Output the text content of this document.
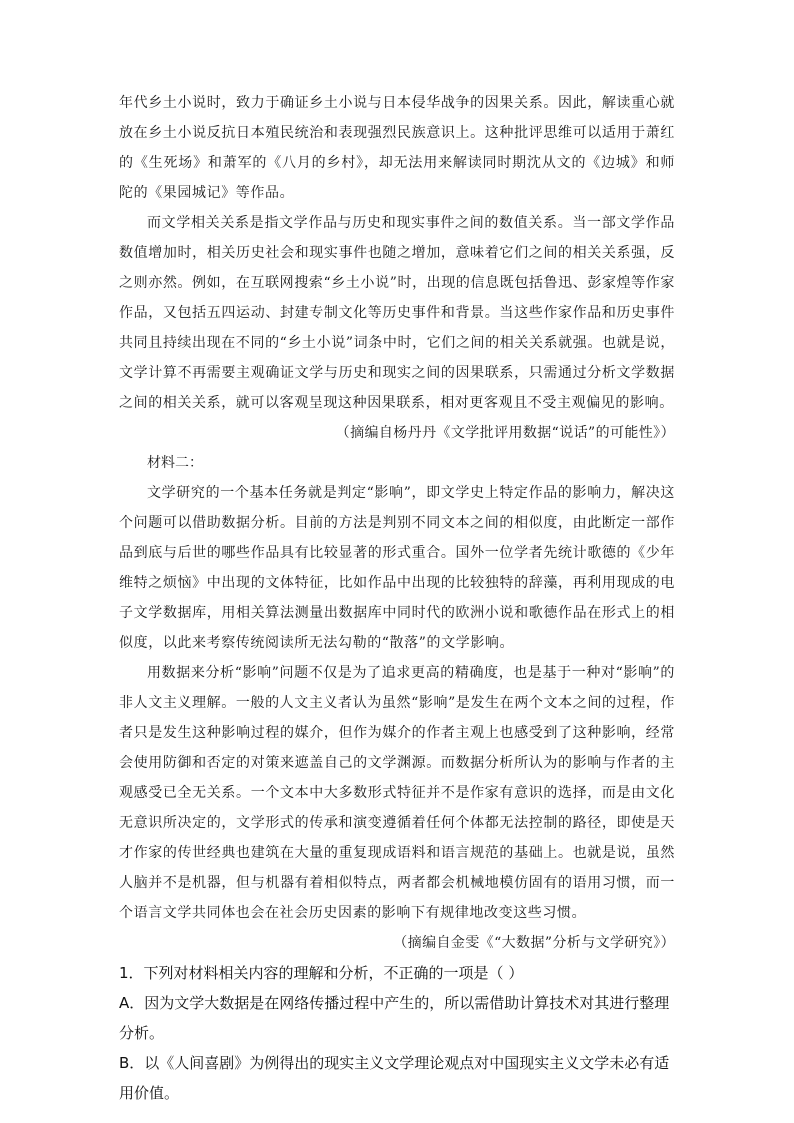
年代乡土小说时，致力于确证乡土小说与日本侵华战争的因果关系。因此，解读重心就放在乡土小说反抗日本殖民统治和表现强烈民族意识上。这种批评思维可以适用于萧红的《生死场》和萧军的《八月的乡村》，却无法用来解读同时期沈从文的《边城》和师陀的《果园城记》等作品。

而文学相关关系是指文学作品与历史和现实事件之间的数值关系。当一部文学作品数值增加时，相关历史社会和现实事件也随之增加，意味着它们之间的相关关系强，反之则亦然。例如，在互联网搜索“乡土小说”时，出现的信息既包括鲁迅、彭家煌等作家作品，又包括五四运动、封建专制文化等历史事件和背景。当这些作家作品和历史事件共同且持续出现在不同的“乡土小说”词条中时，它们之间的相关关系就强。也就是说，文学计算不再需要主观确证文学与历史和现实之间的因果联系，只需通过分析文学数据之间的相关关系，就可以客观呈现这种因果联系，相对更客观且不受主观偏见的影响。

（摘编自杨丹丹《文学批评用数据“说话”的可能性》）

材料二：

文学研究的一个基本任务就是判定“影响”，即文学史上特定作品的影响力，解决这个问题可以借助数据分析。目前的方法是判别不同文本之间的相似度，由此断定一部作品到底与后世的哪些作品具有比较显著的形式重合。国外一位学者先统计歌德的《少年维特之烦恼》中出现的文体特征，比如作品中出现的比较独特的辞藻，再利用现成的电子文学数据库，用相关算法测量出数据库中同时代的欧洲小说和歌德作品在形式上的相似度，以此来考察传统阅读所无法勾勒的“散落”的文学影响。

用数据来分析“影响”问题不仅是为了追求更高的精确度，也是基于一种对“影响”的非人文主义理解。一般的人文主义者认为虽然“影响”是发生在两个文本之间的过程，作者只是发生这种影响过程的媒介，但作为媒介的作者主观上也感受到了这种影响，经常会使用防御和否定的对策来遮盖自己的文学渊源。而数据分析所认为的影响与作者的主观感受已全无关系。一个文本中大多数形式特征并不是作家有意识的选择，而是由文化无意识所决定的，文学形式的传承和演变遵循着任何个体都无法控制的路径，即使是天才作家的传世经典也建筑在大量的重复现成语料和语言规范的基础上。也就是说，虽然人脑并不是机器，但与机器有着相似特点，两者都会机械地模仿固有的语用习惯，而一个语言文学共同体也会在社会历史因素的影响下有规律地改变这些习惯。

（摘编自金雯《“大数据”分析与文学研究》）

1．下列对材料相关内容的理解和分析，不正确的一项是（ ）

A．因为文学大数据是在网络传播过程中产生的，所以需借助计算技术对其进行整理分析。

B．以《人间喜剧》为例得出的现实主义文学理论观点对中国现实主义文学未必有适用价值。
